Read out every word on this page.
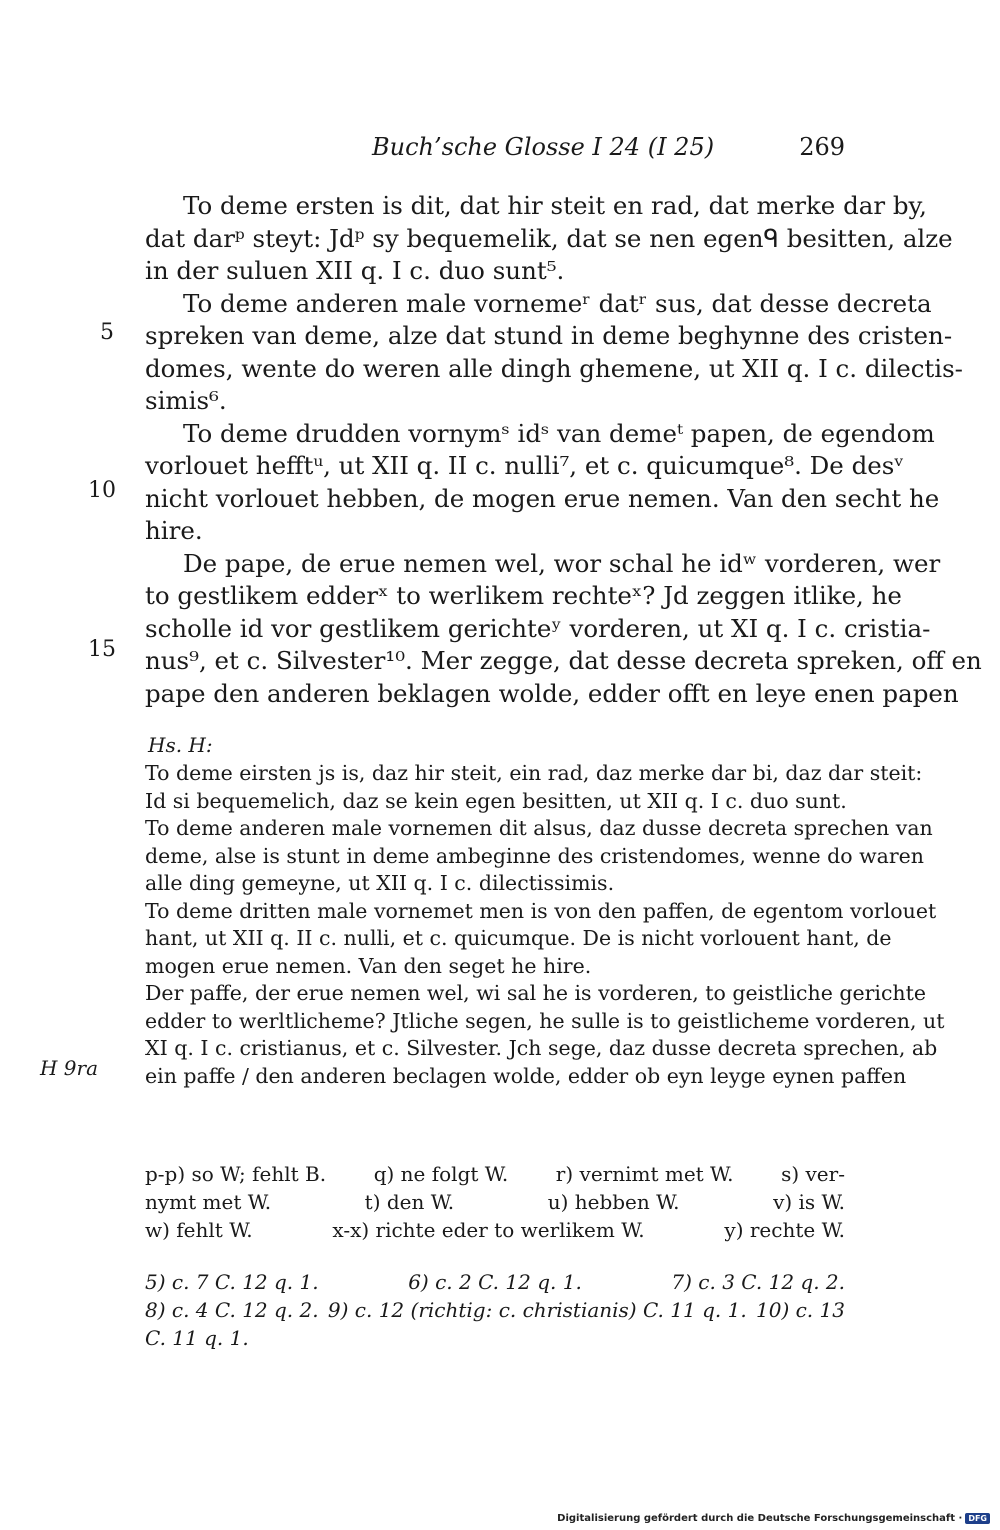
Buch’sche Glosse I 24 (I 25)	269
To deme ersten is dit, dat hir steit en rad, dat merke dar by,
dat darᵖ steyt: Jdᵖ sy bequemelik, dat se nen egenᑫ besitten, alze
in der suluen XII q. I c. duo sunt⁵.
To deme anderen male vornemeʳ datʳ sus, dat desse decreta
spreken van deme, alze dat stund in deme beghynne des cristen-
domes, wente do weren alle dingh ghemene, ut XII q. I c. dilectis-
simis⁶.
To deme drudden vornymˢ idˢ van demeᵗ papen, de egendom
vorlouet hefftᵘ, ut XII q. II c. nulli⁷, et c. quicumque⁸. De desᵛ
nicht vorlouet hebben, de mogen erue nemen. Van den secht he
hire.
De pape, de erue nemen wel, wor schal he idʷ vorderen, wer
to gestlikem edderˣ to werlikem rechteˣ? Jd zeggen itlike, he
scholle id vor gestlikem gerichteʸ vorderen, ut XI q. I c. cristia-
nus⁹, et c. Silvester¹⁰. Mer zegge, dat desse decreta spreken, off en
pape den anderen beklagen wolde, edder offt en leye enen papen
5
10
15
Hs. H:
To deme eirsten js is, daz hir steit, ein rad, daz merke dar bi, daz dar steit:
Id si bequemelich, daz se kein egen besitten, ut XII q. I c. duo sunt.
To deme anderen male vornemen dit alsus, daz dusse decreta sprechen van
deme, alse is stunt in deme ambeginne des cristendomes, wenne do waren
alle ding gemeyne, ut XII q. I c. dilectissimis.
To deme dritten male vornemet men is von den paffen, de egentom vorlouet
hant, ut XII q. II c. nulli, et c. quicumque. De is nicht vorlouent hant, de
mogen erue nemen. Van den seget he hire.
Der paffe, der erue nemen wel, wi sal he is vorderen, to geistliche gerichte
edder to werltlicheme? Jtliche segen, he sulle is to geistlicheme vorderen, ut
XI q. I c. cristianus, et c. Silvester. Jch sege, daz dusse decreta sprechen, ab
ein paffe / den anderen beclagen wolde, edder ob eyn leyge eynen paffen
H 9ra
p-p) so W; fehlt B. q) ne folgt W. r) vernimt met W. s) ver-
nymt met W.	t) den W.	u) hebben W.	v) is W.
w) fehlt W.	x-x) richte eder to werlikem W.	y) rechte W.
5) c. 7 C. 12 q. 1.	6) c. 2 C. 12 q. 1.	7) c. 3 C. 12 q. 2.
8) c. 4 C. 12 q. 2. 9) c. 12 (richtig: c. christianis) C. 11 q. 1. 10) c. 13
C. 11 q. 1.
Digitalisierung gefördert durch die Deutsche Forschungsgemeinschaft · DFG
